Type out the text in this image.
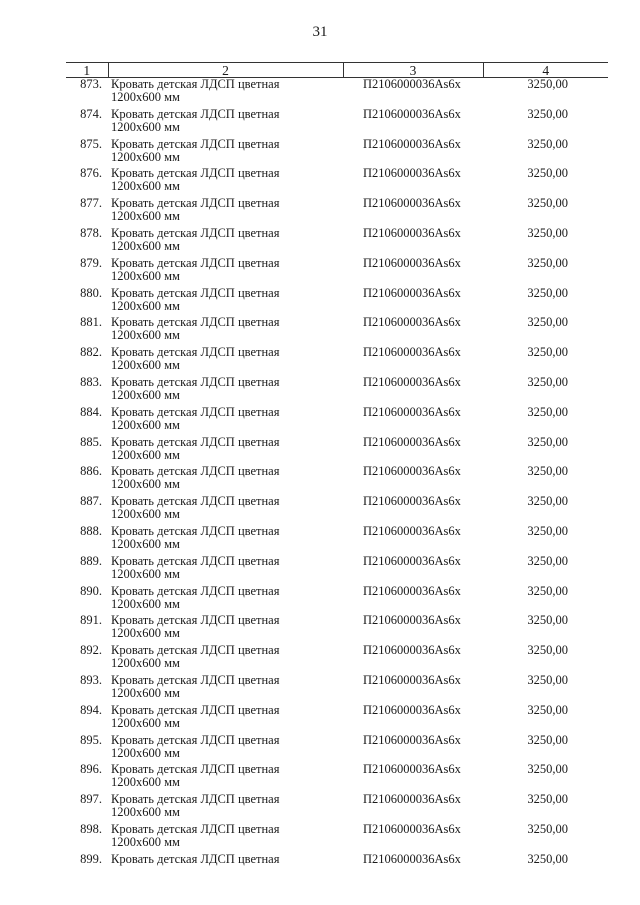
31
1	2	3	4
873.	Кровать детская ЛДСП цветная
1200х600 мм	П2106000036Аs6х	3250,00
874.	Кровать детская ЛДСП цветная
1200х600 мм	П2106000036Аs6х	3250,00
875.	Кровать детская ЛДСП цветная
1200х600 мм	П2106000036Аs6х	3250,00
876.	Кровать детская ЛДСП цветная
1200х600 мм	П2106000036Аs6х	3250,00
877.	Кровать детская ЛДСП цветная
1200х600 мм	П2106000036Аs6х	3250,00
878.	Кровать детская ЛДСП цветная
1200х600 мм	П2106000036Аs6х	3250,00
879.	Кровать детская ЛДСП цветная
1200х600 мм	П2106000036Аs6х	3250,00
880.	Кровать детская ЛДСП цветная
1200х600 мм	П2106000036Аs6х	3250,00
881.	Кровать детская ЛДСП цветная
1200х600 мм	П2106000036Аs6х	3250,00
882.	Кровать детская ЛДСП цветная
1200х600 мм	П2106000036Аs6х	3250,00
883.	Кровать детская ЛДСП цветная
1200х600 мм	П2106000036Аs6х	3250,00
884.	Кровать детская ЛДСП цветная
1200х600 мм	П2106000036Аs6х	3250,00
885.	Кровать детская ЛДСП цветная
1200х600 мм	П2106000036Аs6х	3250,00
886.	Кровать детская ЛДСП цветная
1200х600 мм	П2106000036Аs6х	3250,00
887.	Кровать детская ЛДСП цветная
1200х600 мм	П2106000036Аs6х	3250,00
888.	Кровать детская ЛДСП цветная
1200х600 мм	П2106000036Аs6х	3250,00
889.	Кровать детская ЛДСП цветная
1200х600 мм	П2106000036Аs6х	3250,00
890.	Кровать детская ЛДСП цветная
1200х600 мм	П2106000036Аs6х	3250,00
891.	Кровать детская ЛДСП цветная
1200х600 мм	П2106000036Аs6х	3250,00
892.	Кровать детская ЛДСП цветная
1200х600 мм	П2106000036Аs6х	3250,00
893.	Кровать детская ЛДСП цветная
1200х600 мм	П2106000036Аs6х	3250,00
894.	Кровать детская ЛДСП цветная
1200х600 мм	П2106000036Аs6х	3250,00
895.	Кровать детская ЛДСП цветная
1200х600 мм	П2106000036Аs6х	3250,00
896.	Кровать детская ЛДСП цветная
1200х600 мм	П2106000036Аs6х	3250,00
897.	Кровать детская ЛДСП цветная
1200х600 мм	П2106000036Аs6х	3250,00
898.	Кровать детская ЛДСП цветная
1200х600 мм	П2106000036Аs6х	3250,00
899.	Кровать детская ЛДСП цветная	П2106000036Аs6х	3250,00
